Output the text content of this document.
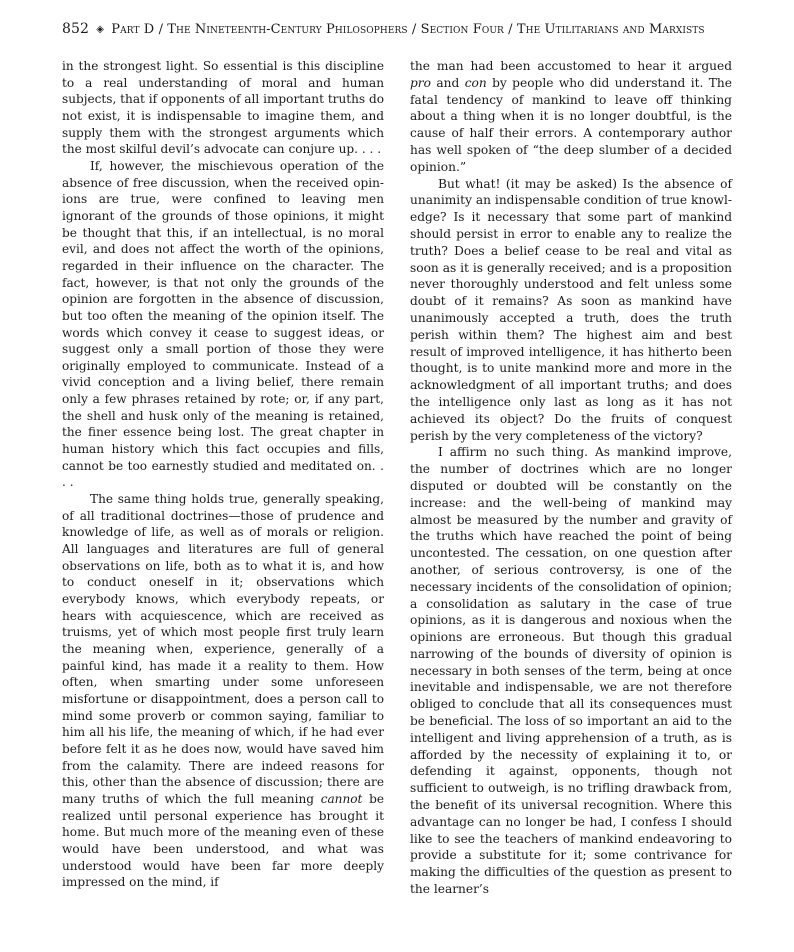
852 ◈ Part D / The Nineteenth-Century Philosophers / Section Four / The Utilitarians and Marxists

in the strongest light. So essential is this discipline to a real understanding of moral and human subjects, that if opponents of all important truths do not exist, it is indispensable to imagine them, and supply them with the strongest arguments which the most skilful devil’s advocate can conjure up. . . .

If, however, the mischievous operation of the absence of free discussion, when the received opinions are true, were confined to leaving men ignorant of the grounds of those opinions, it might be thought that this, if an intellectual, is no moral evil, and does not affect the worth of the opinions, regarded in their influence on the character. The fact, however, is that not only the grounds of the opinion are forgotten in the absence of discussion, but too often the meaning of the opinion itself. The words which convey it cease to suggest ideas, or suggest only a small portion of those they were originally employed to communicate. Instead of a vivid conception and a living belief, there remain only a few phrases retained by rote; or, if any part, the shell and husk only of the meaning is retained, the finer essence being lost. The great chapter in human history which this fact occupies and fills, cannot be too earnestly studied and meditated on. . . .

The same thing holds true, generally speaking, of all traditional doctrines—those of prudence and knowledge of life, as well as of morals or religion. All languages and literatures are full of general observations on life, both as to what it is, and how to conduct oneself in it; observations which everybody knows, which everybody repeats, or hears with acquiescence, which are received as truisms, yet of which most people first truly learn the meaning when, experience, generally of a painful kind, has made it a reality to them. How often, when smarting under some unforeseen misfortune or disappointment, does a person call to mind some proverb or common saying, familiar to him all his life, the meaning of which, if he had ever before felt it as he does now, would have saved him from the calamity. There are indeed reasons for this, other than the absence of discussion; there are many truths of which the full meaning cannot be realized until personal experience has brought it home. But much more of the meaning even of these would have been understood, and what was understood would have been far more deeply impressed on the mind, if

the man had been accustomed to hear it argued pro and con by people who did understand it. The fatal tendency of mankind to leave off thinking about a thing when it is no longer doubtful, is the cause of half their errors. A contemporary author has well spoken of “the deep slumber of a decided opinion.”

But what! (it may be asked) Is the absence of unanimity an indispensable condition of true knowledge? Is it necessary that some part of mankind should persist in error to enable any to realize the truth? Does a belief cease to be real and vital as soon as it is generally received; and is a proposition never thoroughly understood and felt unless some doubt of it remains? As soon as mankind have unanimously accepted a truth, does the truth perish within them? The highest aim and best result of improved intelligence, it has hitherto been thought, is to unite mankind more and more in the acknowledgment of all important truths; and does the intelligence only last as long as it has not achieved its object? Do the fruits of conquest perish by the very completeness of the victory?

I affirm no such thing. As mankind improve, the number of doctrines which are no longer disputed or doubted will be constantly on the increase: and the well-being of mankind may almost be measured by the number and gravity of the truths which have reached the point of being uncontested. The cessation, on one question after another, of serious controversy, is one of the necessary incidents of the consolidation of opinion; a consolidation as salutary in the case of true opinions, as it is dangerous and noxious when the opinions are erroneous. But though this gradual narrowing of the bounds of diversity of opinion is necessary in both senses of the term, being at once inevitable and indispensable, we are not therefore obliged to conclude that all its consequences must be beneficial. The loss of so important an aid to the intelligent and living apprehension of a truth, as is afforded by the necessity of explaining it to, or defending it against, opponents, though not sufficient to outweigh, is no trifling drawback from, the benefit of its universal recognition. Where this advantage can no longer be had, I confess I should like to see the teachers of mankind endeavoring to provide a substitute for it; some contrivance for making the difficulties of the question as present to the learner’s
